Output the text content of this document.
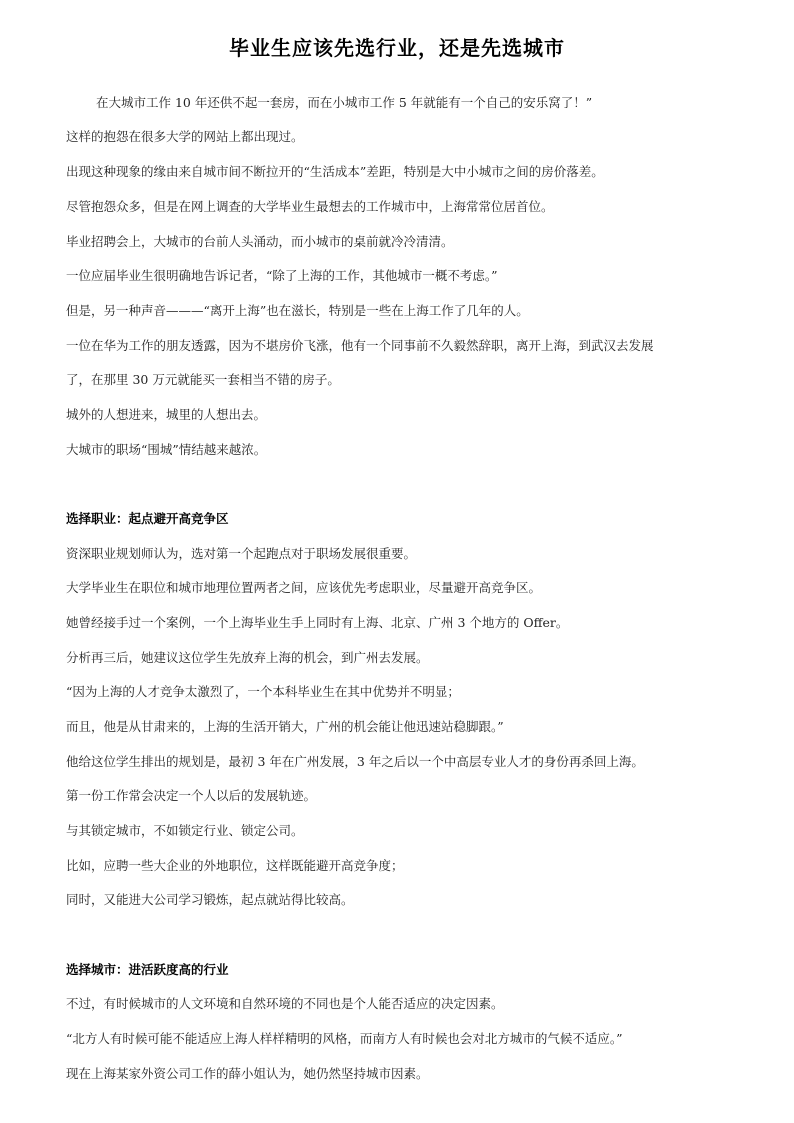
毕业生应该先选行业，还是先选城市
在大城市工作 10 年还供不起一套房，而在小城市工作 5 年就能有一个自己的安乐窝了！”
这样的抱怨在很多大学的网站上都出现过。
出现这种现象的缘由来自城市间不断拉开的“生活成本”差距，特别是大中小城市之间的房价落差。
尽管抱怨众多，但是在网上调查的大学毕业生最想去的工作城市中，上海常常位居首位。
毕业招聘会上，大城市的台前人头涌动，而小城市的桌前就冷冷清清。
一位应届毕业生很明确地告诉记者，“除了上海的工作，其他城市一概不考虑。”
但是，另一种声音———“离开上海”也在滋长，特别是一些在上海工作了几年的人。
一位在华为工作的朋友透露，因为不堪房价飞涨，他有一个同事前不久毅然辞职，离开上海，到武汉去发展
了，在那里 30 万元就能买一套相当不错的房子。
城外的人想进来，城里的人想出去。
大城市的职场“围城”情结越来越浓。
选择职业：起点避开高竞争区
资深职业规划师认为，选对第一个起跑点对于职场发展很重要。
大学毕业生在职位和城市地理位置两者之间，应该优先考虑职业，尽量避开高竞争区。
她曾经接手过一个案例，一个上海毕业生手上同时有上海、北京、广州 3 个地方的 Offer。
分析再三后，她建议这位学生先放弃上海的机会，到广州去发展。
“因为上海的人才竞争太激烈了，一个本科毕业生在其中优势并不明显；
而且，他是从甘肃来的，上海的生活开销大，广州的机会能让他迅速站稳脚跟。”
他给这位学生排出的规划是，最初 3 年在广州发展，3 年之后以一个中高层专业人才的身份再杀回上海。
第一份工作常会决定一个人以后的发展轨迹。
与其锁定城市，不如锁定行业、锁定公司。
比如，应聘一些大企业的外地职位，这样既能避开高竞争度；
同时，又能进大公司学习锻炼，起点就站得比较高。
选择城市：进活跃度高的行业
不过，有时候城市的人文环境和自然环境的不同也是个人能否适应的决定因素。
“北方人有时候可能不能适应上海人样样精明的风格，而南方人有时候也会对北方城市的气候不适应。”
现在上海某家外资公司工作的薛小姐认为，她仍然坚持城市因素。
